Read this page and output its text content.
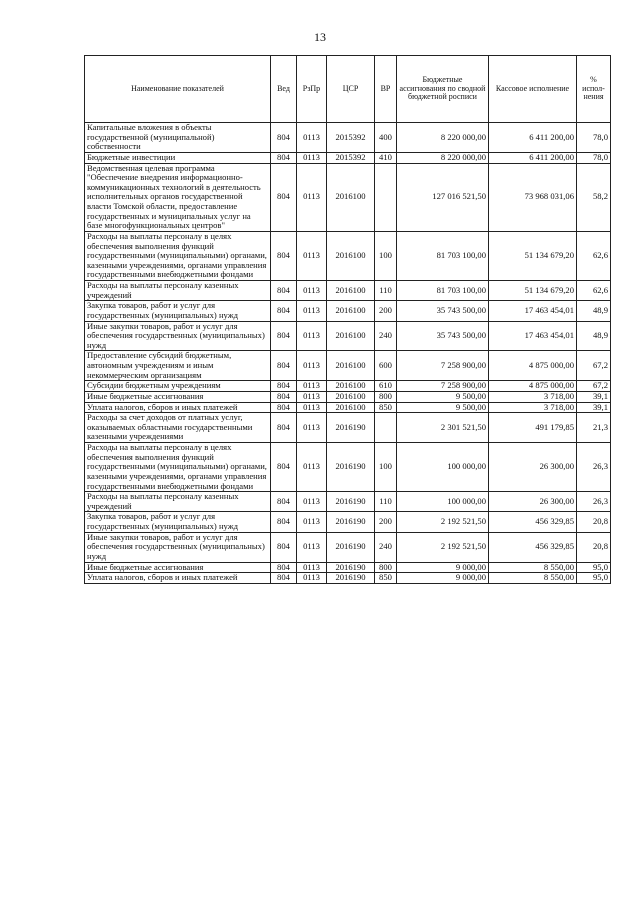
13
Наименование показателей	Вед	РзПр	ЦСР	ВР	Бюджетные ассигнования по сводной бюджетной росписи	Кассовое исполнение	% испол-нения
Капитальные вложения в объекты государственной (муниципальной) собственности	804	0113	2015392	400	8 220 000,00	6 411 200,00	78,0
Бюджетные инвестиции	804	0113	2015392	410	8 220 000,00	6 411 200,00	78,0
Ведомственная целевая программа "Обеспечение внедрения информационно-коммуникационных технологий в деятельность исполнительных органов государственной власти Томской области, предоставление государственных и муниципальных услуг на базе многофункциональных центров"	804	0113	2016100		127 016 521,50	73 968 031,06	58,2
Расходы на выплаты персоналу в целях обеспечения выполнения функций государственными (муниципальными) органами, казенными учреждениями, органами управления государственными внебюджетными фондами	804	0113	2016100	100	81 703 100,00	51 134 679,20	62,6
Расходы на выплаты персоналу казенных учреждений	804	0113	2016100	110	81 703 100,00	51 134 679,20	62,6
Закупка товаров, работ и услуг для государственных (муниципальных) нужд	804	0113	2016100	200	35 743 500,00	17 463 454,01	48,9
Иные закупки товаров, работ и услуг для обеспечения государственных (муниципальных) нужд	804	0113	2016100	240	35 743 500,00	17 463 454,01	48,9
Предоставление субсидий бюджетным, автономным учреждениям и иным некоммерческим организациям	804	0113	2016100	600	7 258 900,00	4 875 000,00	67,2
Субсидии бюджетным учреждениям	804	0113	2016100	610	7 258 900,00	4 875 000,00	67,2
Иные бюджетные ассигнования	804	0113	2016100	800	9 500,00	3 718,00	39,1
Уплата налогов, сборов и иных платежей	804	0113	2016100	850	9 500,00	3 718,00	39,1
Расходы за счет доходов от платных услуг, оказываемых областными государственными казенными учреждениями	804	0113	2016190		2 301 521,50	491 179,85	21,3
Расходы на выплаты персоналу в целях обеспечения выполнения функций государственными (муниципальными) органами, казенными учреждениями, органами управления государственными внебюджетными фондами	804	0113	2016190	100	100 000,00	26 300,00	26,3
Расходы на выплаты персоналу казенных учреждений	804	0113	2016190	110	100 000,00	26 300,00	26,3
Закупка товаров, работ и услуг для государственных (муниципальных) нужд	804	0113	2016190	200	2 192 521,50	456 329,85	20,8
Иные закупки товаров, работ и услуг для обеспечения государственных (муниципальных) нужд	804	0113	2016190	240	2 192 521,50	456 329,85	20,8
Иные бюджетные ассигнования	804	0113	2016190	800	9 000,00	8 550,00	95,0
Уплата налогов, сборов и иных платежей	804	0113	2016190	850	9 000,00	8 550,00	95,0
